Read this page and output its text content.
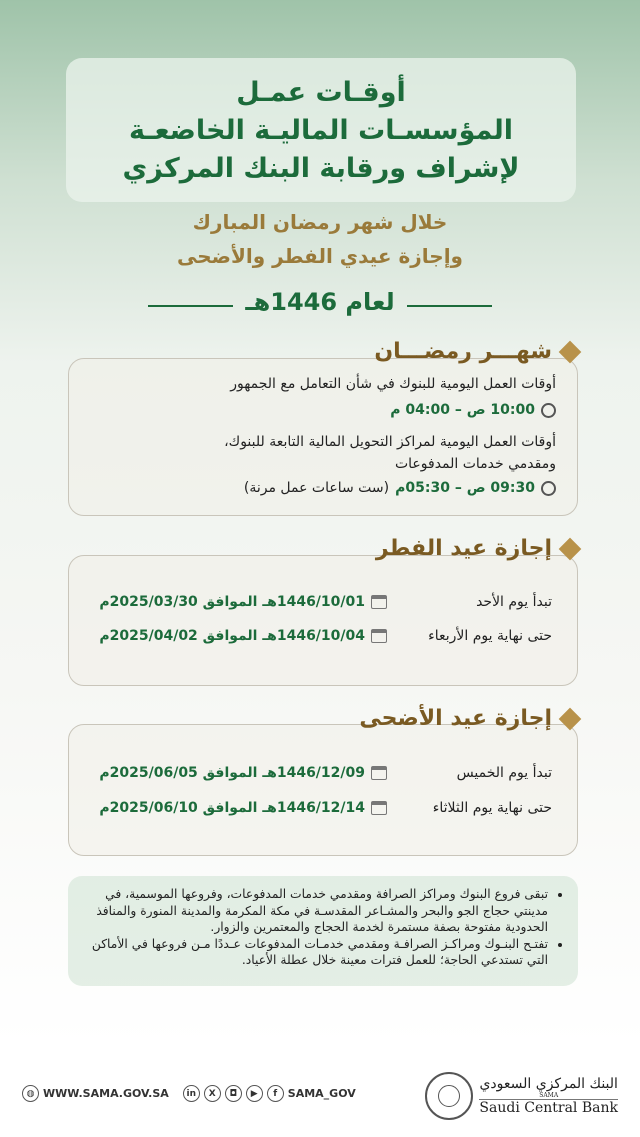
أوقـات عمـل
المؤسسـات الماليـة الخاضعـة
لإشراف ورقابة البنك المركزي
خلال شهر رمضان المبارك
وإجازة عيدي الفطر والأضحى
لعام 1446هـ
شهـــر رمضـــان
أوقات العمل اليومية للبنوك في شأن التعامل مع الجمهور
10:00 ص – 04:00 م
أوقات العمل اليومية لمراكز التحويل المالية التابعة للبنوك،
ومقدمي خدمات المدفوعات
09:30 ص – 05:30م
(ست ساعات عمل مرنة)
إجازة عيد الفطر
تبدأ يوم الأحد
1446/10/01هـ الموافق 2025/03/30م
حتى نهاية يوم الأربعاء
1446/10/04هـ الموافق 2025/04/02م
إجازة عيد الأضحى
تبدأ يوم الخميس
1446/12/09هـ الموافق 2025/06/05م
حتى نهاية يوم الثلاثاء
1446/12/14هـ الموافق 2025/06/10م
• تبقى فروع البنوك ومراكز الصرافة ومقدمي خدمات المدفوعات، وفروعها الموسمية، في مدينتي حجاج الجو والبحر والمشـاعر المقدسـة في مكة المكرمة والمدينة المنورة والمنافذ الحدودية مفتوحة بصفة مستمرة لخدمة الحجاج والمعتمرين والزوار.
• تفتـح البنـوك ومراكـز الصرافـة ومقدمي خدمـات المدفوعات عـددًا مـن فروعها في الأماكن التي تستدعي الحاجة؛ للعمل فترات معينة خلال عطلة الأعياد.
◍ WWW.SAMA.GOV.SA	in	X	◘	▶	f SAMA_GOV
البنك المركزي السعودي
SAMA
Saudi Central Bank
